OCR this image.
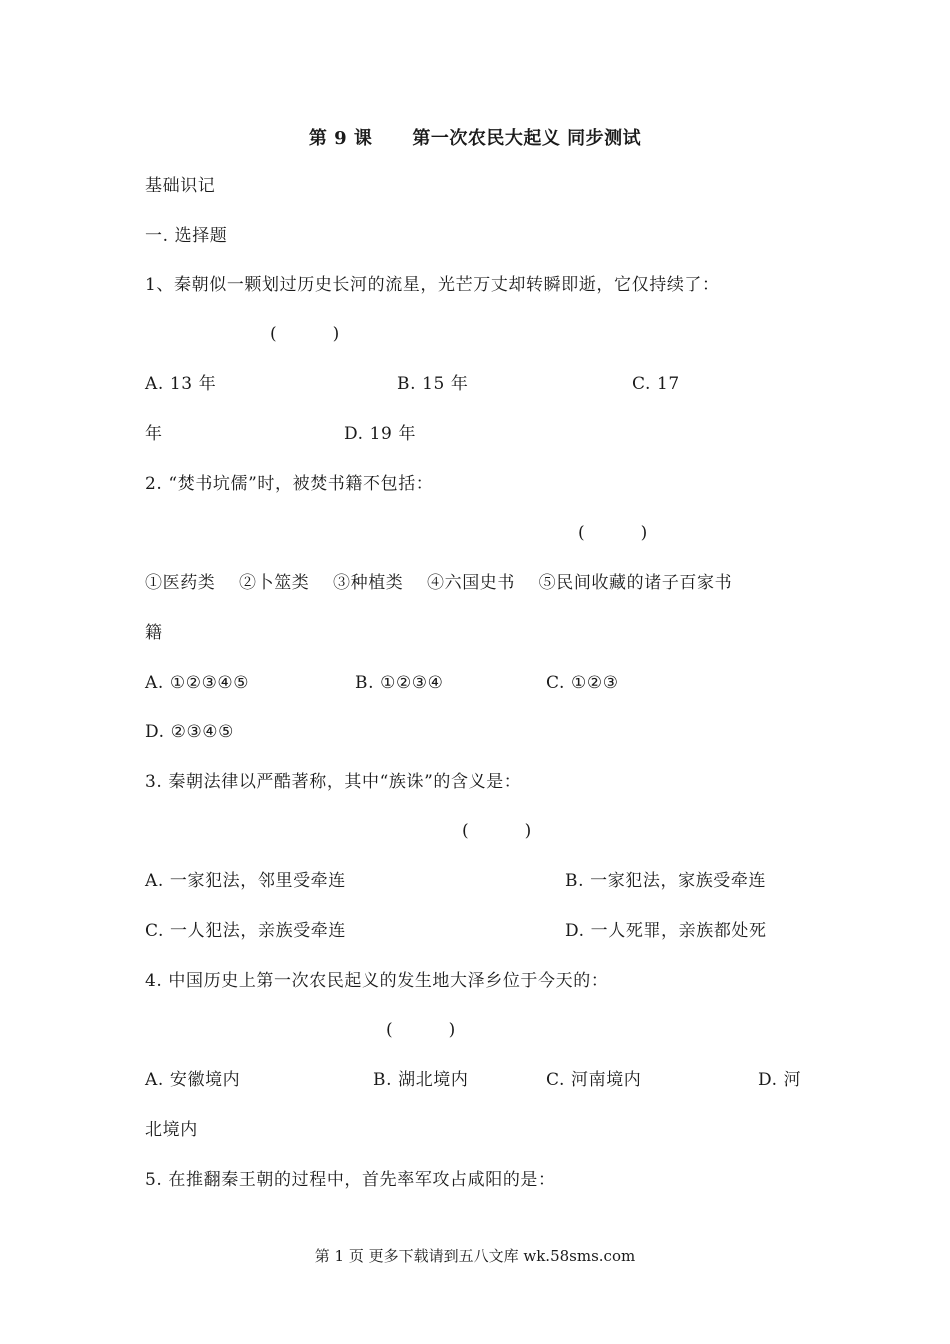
第 9 课 第一次农民大起义 同步测试
基础识记
一. 选择题
1、秦朝似一颗划过历史长河的流星，光芒万丈却转瞬即逝，它仅持续了：
(	)
A. 13 年	B. 15 年	C. 17
年	D. 19 年
2. “焚书坑儒”时，被焚书籍不包括：
(	)
①医药类　 ②卜筮类　 ③种植类　 ④六国史书　 ⑤民间收藏的诸子百家书
籍
A. ①②③④⑤	B. ①②③④	C. ①②③
D. ②③④⑤
3. 秦朝法律以严酷著称，其中“族诛”的含义是：
(	)
A. 一家犯法，邻里受牵连	B. 一家犯法，家族受牵连
C. 一人犯法，亲族受牵连	D. 一人死罪，亲族都处死
4. 中国历史上第一次农民起义的发生地大泽乡位于今天的：
(	)
A. 安徽境内	B. 湖北境内	C. 河南境内	D. 河
北境内
5. 在推翻秦王朝的过程中，首先率军攻占咸阳的是：
第 1 页 更多下载请到五八文库 wk.58sms.com
